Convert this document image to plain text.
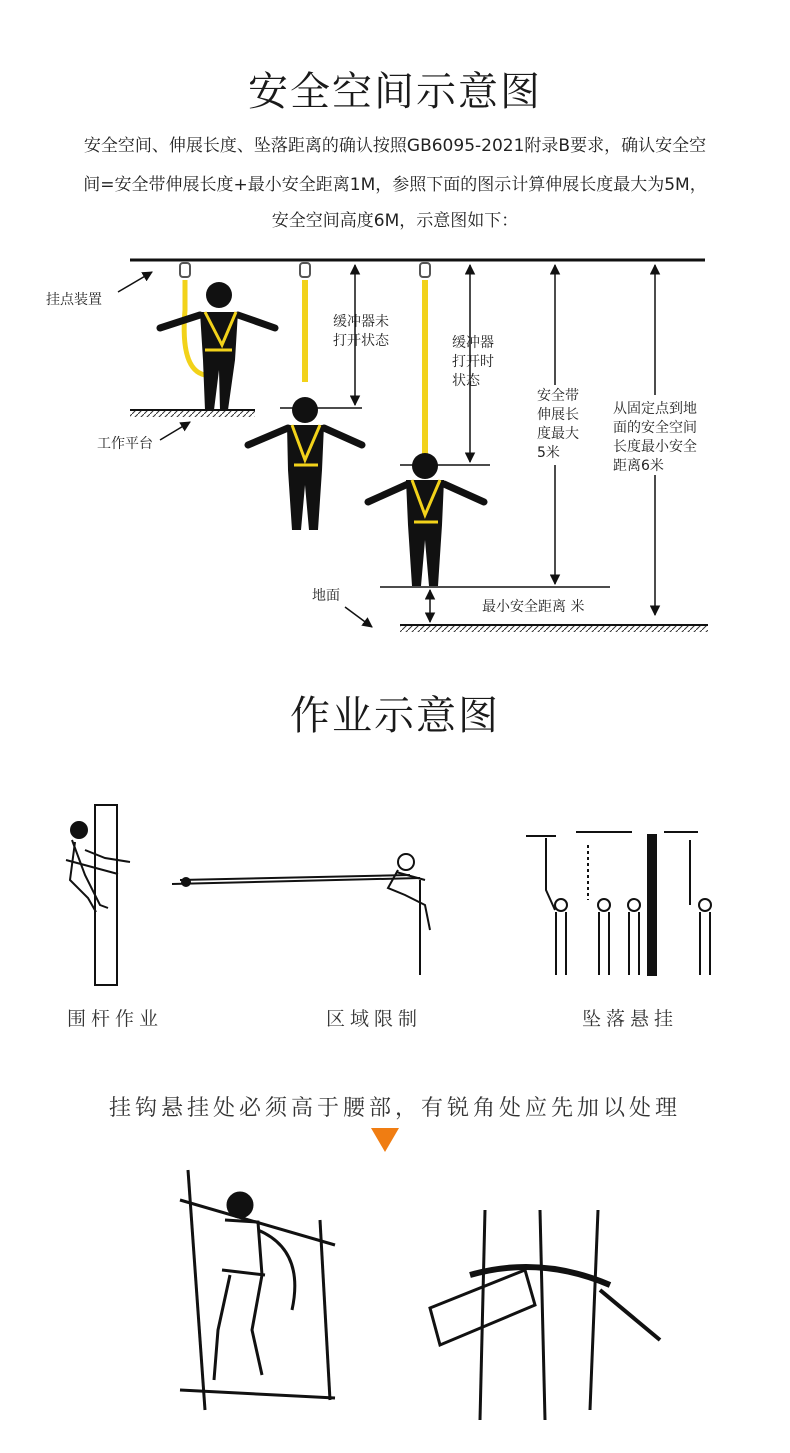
安全空间示意图
安全空间、伸展长度、坠落距离的确认按照GB6095-2021附录B要求，确认安全空
间=安全带伸展长度+最小安全距离1M，参照下面的图示计算伸展长度最大为5M，
安全空间高度6M，示意图如下：
挂点装置
工作平台
缓冲器未
打开状态	缓冲器
打开时
状态
安全带
伸展长
度最大
5米
从固定点到地
面的安全空间
长度最小安全
距离6米
最小安全距离 米
地面
作业示意图
围杆作业	区域限制	坠落悬挂
挂钩悬挂处必须高于腰部，有锐角处应先加以处理
